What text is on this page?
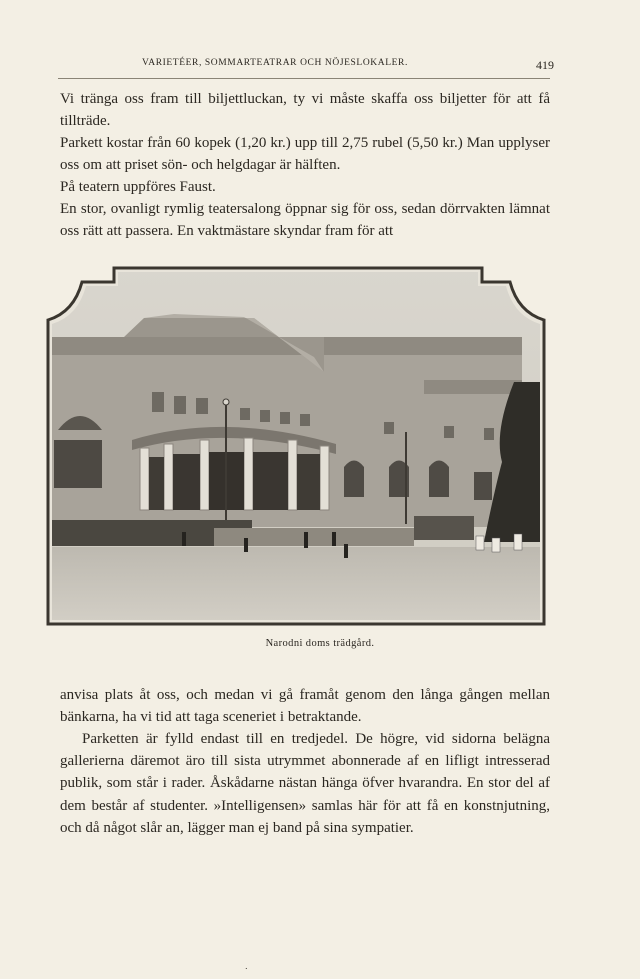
VARIETÉER, SOMMARTEATRAR OCH NÖJESLOKALER.	419

Vi tränga oss fram till biljettluckan, ty vi måste skaffa oss biljetter för att få tillträde.

Parkett kostar från 60 kopek (1,20 kr.) upp till 2,75 rubel (5,50 kr.) Man upplyser oss om att priset sön- och helgdagar är hälften.

På teatern uppföres Faust.

En stor, ovanligt rymlig teatersalong öppnar sig för oss, sedan dörrvakten lämnat oss rätt att passera. En vaktmästare skyndar fram för att

Narodni doms trädgård.

anvisa plats åt oss, och medan vi gå framåt genom den långa gången mellan bänkarna, ha vi tid att taga sceneriet i betraktande.

Parketten är fylld endast till en tredjedel. De högre, vid sidorna belägna gallerierna däremot äro till sista utrymmet abonnerade af en lifligt intresserad publik, som står i rader. Åskådarne nästan hänga öfver hvarandra. En stor del af dem består af studenter. »Intelligensen» samlas här för att få en konstnjutning, och då något slår an, lägger man ej band på sina sympatier.

.
